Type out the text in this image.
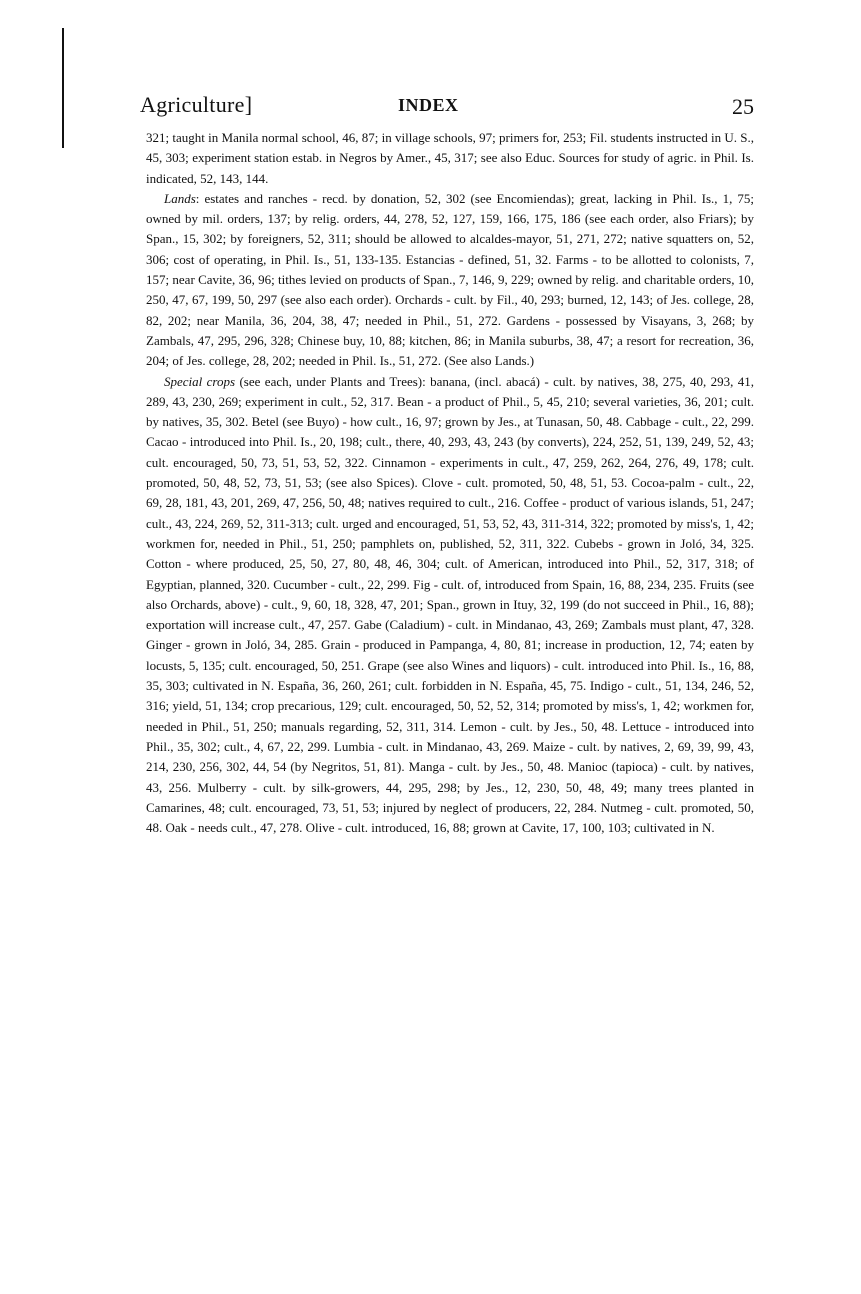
Agriculture]	INDEX	25

321; taught in Manila normal school, 46, 87; in village schools, 97; primers for, 253; Fil. students instructed in U. S., 45, 303; experiment station estab. in Negros by Amer., 45, 317; see also Educ. Sources for study of agric. in Phil. Is. indicated, 52, 143, 144.

Lands: estates and ranches - recd. by donation, 52, 302 (see Encomiendas); great, lacking in Phil. Is., 1, 75; owned by mil. orders, 137; by relig. orders, 44, 278, 52, 127, 159, 166, 175, 186 (see each order, also Friars); by Span., 15, 302; by foreigners, 52, 311; should be allowed to alcaldes-mayor, 51, 271, 272; native squatters on, 52, 306; cost of operating, in Phil. Is., 51, 133-135. Estancias - defined, 51, 32. Farms - to be allotted to colonists, 7, 157; near Cavite, 36, 96; tithes levied on products of Span., 7, 146, 9, 229; owned by relig. and charitable orders, 10, 250, 47, 67, 199, 50, 297 (see also each order). Orchards - cult. by Fil., 40, 293; burned, 12, 143; of Jes. college, 28, 82, 202; near Manila, 36, 204, 38, 47; needed in Phil., 51, 272. Gardens - possessed by Visayans, 3, 268; by Zambals, 47, 295, 296, 328; Chinese buy, 10, 88; kitchen, 86; in Manila suburbs, 38, 47; a resort for recreation, 36, 204; of Jes. college, 28, 202; needed in Phil. Is., 51, 272. (See also Lands.)

Special crops (see each, under Plants and Trees): banana, (incl. abacá) - cult. by natives, 38, 275, 40, 293, 41, 289, 43, 230, 269; experiment in cult., 52, 317. Bean - a product of Phil., 5, 45, 210; several varieties, 36, 201; cult. by natives, 35, 302. Betel (see Buyo) - how cult., 16, 97; grown by Jes., at Tunasan, 50, 48. Cabbage - cult., 22, 299. Cacao - introduced into Phil. Is., 20, 198; cult., there, 40, 293, 43, 243 (by converts), 224, 252, 51, 139, 249, 52, 43; cult. encouraged, 50, 73, 51, 53, 52, 322. Cinnamon - experiments in cult., 47, 259, 262, 264, 276, 49, 178; cult. promoted, 50, 48, 52, 73, 51, 53; (see also Spices). Clove - cult. promoted, 50, 48, 51, 53. Cocoa-palm - cult., 22, 69, 28, 181, 43, 201, 269, 47, 256, 50, 48; natives required to cult., 216. Coffee - product of various islands, 51, 247; cult., 43, 224, 269, 52, 311-313; cult. urged and encouraged, 51, 53, 52, 43, 311-314, 322; promoted by miss's, 1, 42; workmen for, needed in Phil., 51, 250; pamphlets on, published, 52, 311, 322. Cubebs - grown in Joló, 34, 325. Cotton - where produced, 25, 50, 27, 80, 48, 46, 304; cult. of American, introduced into Phil., 52, 317, 318; of Egyptian, planned, 320. Cucumber - cult., 22, 299. Fig - cult. of, introduced from Spain, 16, 88, 234, 235. Fruits (see also Orchards, above) - cult., 9, 60, 18, 328, 47, 201; Span., grown in Ituy, 32, 199 (do not succeed in Phil., 16, 88); exportation will increase cult., 47, 257. Gabe (Caladium) - cult. in Mindanao, 43, 269; Zambals must plant, 47, 328. Ginger - grown in Joló, 34, 285. Grain - produced in Pampanga, 4, 80, 81; increase in production, 12, 74; eaten by locusts, 5, 135; cult. encouraged, 50, 251. Grape (see also Wines and liquors) - cult. introduced into Phil. Is., 16, 88, 35, 303; cultivated in N. España, 36, 260, 261; cult. forbidden in N. España, 45, 75. Indigo - cult., 51, 134, 246, 52, 316; yield, 51, 134; crop precarious, 129; cult. encouraged, 50, 52, 52, 314; promoted by miss's, 1, 42; workmen for, needed in Phil., 51, 250; manuals regarding, 52, 311, 314. Lemon - cult. by Jes., 50, 48. Lettuce - introduced into Phil., 35, 302; cult., 4, 67, 22, 299. Lumbia - cult. in Mindanao, 43, 269. Maize - cult. by natives, 2, 69, 39, 99, 43, 214, 230, 256, 302, 44, 54 (by Negritos, 51, 81). Manga - cult. by Jes., 50, 48. Manioc (tapioca) - cult. by natives, 43, 256. Mulberry - cult. by silk-growers, 44, 295, 298; by Jes., 12, 230, 50, 48, 49; many trees planted in Camarines, 48; cult. encouraged, 73, 51, 53; injured by neglect of producers, 22, 284. Nutmeg - cult. promoted, 50, 48. Oak - needs cult., 47, 278. Olive - cult. introduced, 16, 88; grown at Cavite, 17, 100, 103; cultivated in N.
